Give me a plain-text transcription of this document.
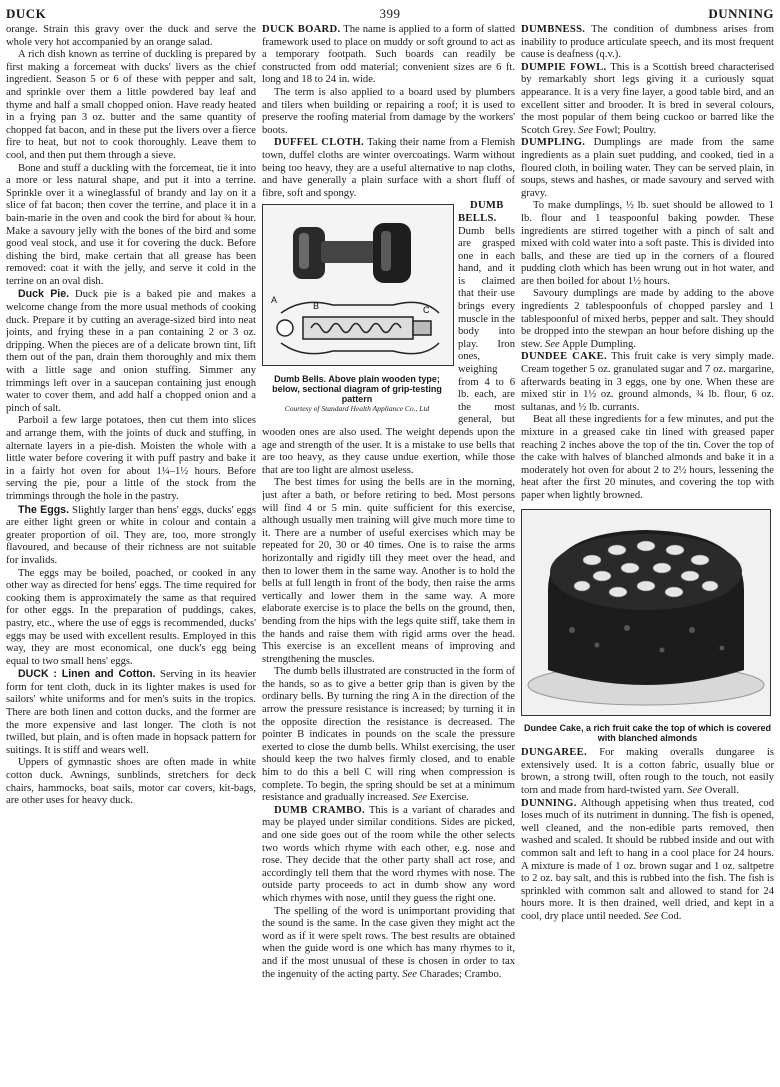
DUCK	399	DUNNING

orange. Strain this gravy over the duck and serve the whole very hot accompanied by an orange salad.

A rich dish known as terrine of duckling is prepared by first making a forcemeat with ducks' livers as the chief ingredient. Season 5 or 6 of these with pepper and salt, and sprinkle over them a little powdered bay leaf and thyme and half a small chopped onion. Have ready heated in a frying pan 3 oz. butter and the same quantity of chopped fat bacon, and in these put the livers over a fierce fire to heat, but not to cook thoroughly. Leave them to cool, and then put them through a sieve.

Bone and stuff a duckling with the forcemeat, tie it into a more or less natural shape, and put it into a terrine. Sprinkle over it a wineglassful of brandy and lay on it a slice of fat bacon; then cover the terrine, and place it in a bain-marie in the oven and cook the bird for about ¾ hour. Make a savoury jelly with the bones of the bird and some good veal stock, and use it for covering the duck. Before dishing the bird, make certain that all grease has been removed: coat it with the jelly, and serve it cold in the terrine on an oval dish.

Duck Pie. Duck pie is a baked pie and makes a welcome change from the more usual methods of cooking duck. Prepare it by cutting an average-sized bird into neat joints, and frying these in a pan containing 2 or 3 oz. dripping. When the pieces are of a delicate brown tint, lift them out of the pan, drain them thoroughly and mix them with a little sage and onion stuffing. Simmer any trimmings left over in a saucepan containing just enough water to cover them, and add half a chopped onion and a pinch of salt.

Parboil a few large potatoes, then cut them into slices and arrange them, with the joints of duck and stuffing, in alternate layers in a pie-dish. Moisten the whole with a little water before covering it with puff pastry and bake it in a fairly hot oven for about 1¼–1½ hours. Before serving the pie, pour a little of the stock from the trimmings through the hole in the pastry.

The Eggs. Slightly larger than hens' eggs, ducks' eggs are either light green or white in colour and contain a greater proportion of oil. They are, too, more strongly flavoured, and because of their richness are not suitable for invalids.

The eggs may be boiled, poached, or cooked in any other way as directed for hens' eggs. The time required for cooking them is approximately the same as that required for other eggs. In the preparation of puddings, cakes, pastry, etc., where the use of eggs is recommended, ducks' eggs may be used with excellent results. Employed in this way, they are most economical, one duck's egg being equal to two small hens' eggs.

DUCK : Linen and Cotton. Serving in its heavier form for tent cloth, duck in its lighter makes is used for sailors' white uniforms and for men's suits in the tropics. There are both linen and cotton ducks, and the former are the more expensive and last longer. The cloth is not twilled, but plain, and is often made in hopsack pattern for suitings. It is stiff and wears well.

Uppers of gymnastic shoes are often made in white cotton duck. Awnings, sunblinds, stretchers for deck chairs, hammocks, boat sails, motor car covers, kit-bags, are other uses for heavy duck.

DUCK BOARD. The name is applied to a form of slatted framework used to place on muddy or soft ground to act as a temporary footpath. Such boards can readily be constructed from odd material; convenient sizes are 6 ft. long and 18 to 24 in. wide.

The term is also applied to a board used by plumbers and tilers when building or repairing a roof; it is used to preserve the roofing material from damage by the workers' boots.

DUFFEL CLOTH. Taking their name from a Flemish town, duffel cloths are winter overcoatings. Warm without being too heavy, they are a useful alternative to nap cloths, and have generally a plain surface with a short fluff of fibre, soft and spongy.

A
B	C
Dumb Bells. Above plain wooden type; below, sectional diagram of grip-testing pattern
Courtesy of Standard Health Appliance Co., Ltd

DUMB BELLS. Dumb bells are grasped one in each hand, and it is claimed that their use brings every muscle in the body into play. Iron ones, weighing from 4 to 6 lb. each, are the most general, but wooden ones are also used. The weight depends upon the age and strength of the user. It is a mistake to use bells that are too heavy, as they cause undue exertion, while those that are too light are almost useless.

The best times for using the bells are in the morning, just after a bath, or before retiring to bed. Most persons will find 4 or 5 min. quite sufficient for this exercise, although usually men training will give much more time to it. There are a number of useful exercises which may be repeated for 20, 30 or 40 times. One is to raise the arms horizontally and rigidly till they meet over the head, and then to lower them in the same way. Another is to hold the bells at full length in front of the body, then raise the arms vertically and lower them in the same way. A more elaborate exercise is to place the bells on the ground, then, bending from the hips with the legs quite stiff, take them in the hands and raise them with rigid arms over the head. This exercise is an excellent means of improving and strengthening the muscles.

The dumb bells illustrated are constructed in the form of the hands, so as to give a better grip than is given by the ordinary bells. By turning the ring A in the direction of the arrow the pressure resistance is increased; by turning it in the opposite direction the resistance is decreased. The pointer B indicates in pounds on the scale the pressure exerted to close the dumb bells. Whilst exercising, the user should keep the two halves firmly closed, and to enable him to do this a bell C will ring when compression is complete. To begin, the spring should be set at a minimum resistance and gradually increased. See Exercise.

DUMB CRAMBO. This is a variant of charades and may be played under similar conditions. Sides are picked, and one side goes out of the room while the other selects two words which rhyme with each other, e.g. nose and rose. They decide that the other party shall act rose, and accordingly tell them that the word rhymes with nose. The outside party proceeds to act in dumb show any word which rhymes with nose, until they guess the right one.

The spelling of the word is unimportant providing that the sound is the same. In the case given they might act the word as if it were spelt rows. The best results are obtained when the guide word is one which has many rhymes to it, and if the most unusual of these is chosen in order to tax the ingenuity of the acting party. See Charades; Crambo.

DUMBNESS. The condition of dumbness arises from inability to produce articulate speech, and its most frequent cause is deafness (q.v.).

DUMPIE FOWL. This is a Scottish breed characterised by remarkably short legs giving it a curiously squat appearance. It is a very fine layer, a good table bird, and an excellent sitter and brooder. It is bred in several colours, the most popular of them being cuckoo or barred like the Scotch Grey. See Fowl; Poultry.

DUMPLING. Dumplings are made from the same ingredients as a plain suet pudding, and cooked, tied in a floured cloth, in boiling water. They can be served plain, in soups, stews and hashes, or made savoury and served with gravy.

To make dumplings, ½ lb. suet should be allowed to 1 lb. flour and 1 teaspoonful baking powder. These ingredients are stirred together with a pinch of salt and mixed with cold water into a soft paste. This is divided into balls, and these are tied up in the corners of a floured pudding cloth which has been wrung out in hot water, and are then boiled for about 1½ hours.

Savoury dumplings are made by adding to the above ingredients 2 tablespoonfuls of chopped parsley and 1 tablespoonful of mixed herbs, pepper and salt. They should be dropped into the stewpan an hour before dishing up the stew. See Apple Dumpling.

DUNDEE CAKE. This fruit cake is very simply made. Cream together 5 oz. granulated sugar and 7 oz. margarine, afterwards beating in 3 eggs, one by one. When these are mixed stir in 1½ oz. ground almonds, ¾ lb. flour, 6 oz. sultanas, and ½ lb. currants.

Beat all these ingredients for a few minutes, and put the mixture in a greased cake tin lined with greased paper reaching 2 inches above the top of the tin. Cover the top of the cake with halves of blanched almonds and bake it in a moderately hot oven for about 2 to 2½ hours, lessening the heat after the first 20 minutes, and covering the top with paper when lightly browned.

Dundee Cake, a rich fruit cake the top of which is covered with blanched almonds

DUNGAREE. For making overalls dungaree is extensively used. It is a cotton fabric, usually blue or brown, a strong twill, often rough to the touch, not easily torn and made from hard-twisted yarn. See Overall.

DUNNING. Although appetising when thus treated, cod loses much of its nutriment in dunning. The fish is opened, well cleaned, and the non-edible parts removed, then washed and scaled. It should be rubbed inside and out with common salt and left to hang in a cool place for 24 hours. A mixture is made of 1 oz. brown sugar and 1 oz. saltpetre to 2 oz. bay salt, and this is rubbed into the fish. The fish is sprinkled with common salt and allowed to stand for 24 hours more. It is then drained, well dried, and kept in a cool, dry place until needed. See Cod.
